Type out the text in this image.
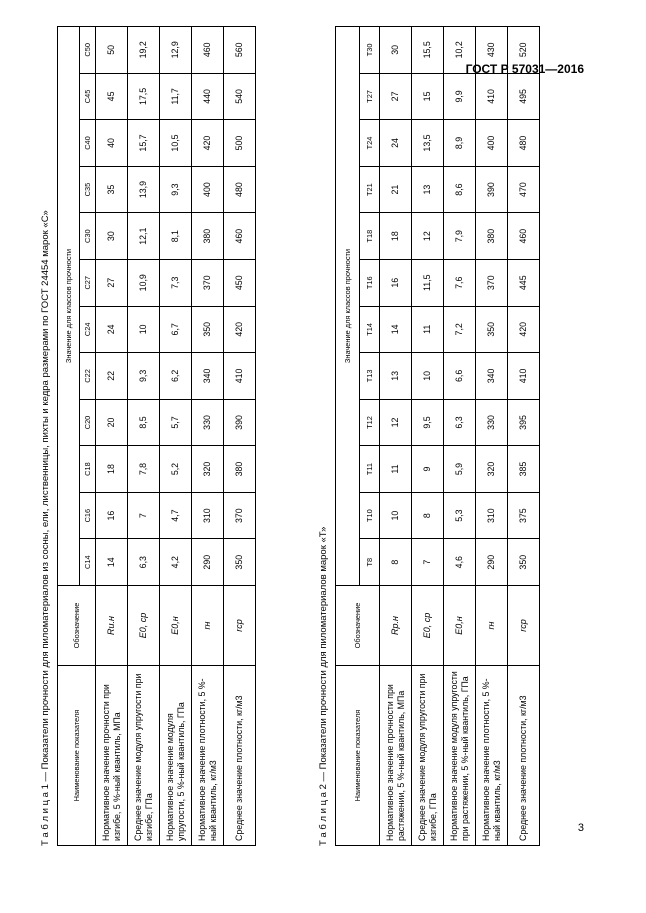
ГОСТ Р 57031—2016
Т а б л и ц а 1 — Показатели прочности для пиломатериалов из сосны, ели, лиственницы, пихты и кедра размерами по ГОСТ 24454 марок «С»	Наименование показателя	Обозначение	Значение для классов прочности											
		С14	С16	С18	С20	С22	С24	С27	С30	С35	С40	С45	С50
Нормативное значение прочности при изгибе, 5 %-ный квантиль, МПа	Rи.н	14	16	18	20	22	24	27	30	35	40	45	50
Среднее значение модуля упругости при изгибе, ГПа	E0, ср	6,3	7	7,8	8,5	9,3	10	10,9	12,1	13,9	15,7	17,5	19,2
Нормативное значение модуля упругости, 5 %-ный квантиль, ГПа	E0,н	4,2	4,7	5,2	5,7	6,2	6,7	7,3	8,1	9,3	10,5	11,7	12,9
Нормативное значение плотности, 5 %-ный квантиль, кг/м3	rн	290	310	320	330	340	350	370	380	400	420	440	460
Среднее значение плотности, кг/м3	rср	350	370	380	390	410	420	450	460	480	500	540	560
Т а б л и ц а 2 — Показатели прочности для пиломатериалов марок «Т»	Наименование показателя	Обозначение	Значение для классов прочности											
		Т8	Т10	Т11	Т12	Т13	Т14	Т16	Т18	Т21	Т24	Т27	Т30
Нормативное значение прочности при растяжении, 5 %-ный квантиль, МПа	Rр.н	8	10	11	12	13	14	16	18	21	24	27	30
Среднее значение модуля упругости при изгибе, ГПа	E0, ср	7	8	9	9,5	10	11	11,5	12	13	13,5	15	15,5
Нормативное значение модуля упругости при растяжении, 5 %-ный квантиль, ГПа	E0,н	4,6	5,3	5,9	6,3	6,6	7,2	7,6	7,9	8,6	8,9	9,9	10,2
Нормативное значение плотности, 5 %-ный квантиль, кг/м3	rн	290	310	320	330	340	350	370	380	390	400	410	430
Среднее значение плотности, кг/м3	rср	350	375	385	395	410	420	445	460	470	480	495	520
3
